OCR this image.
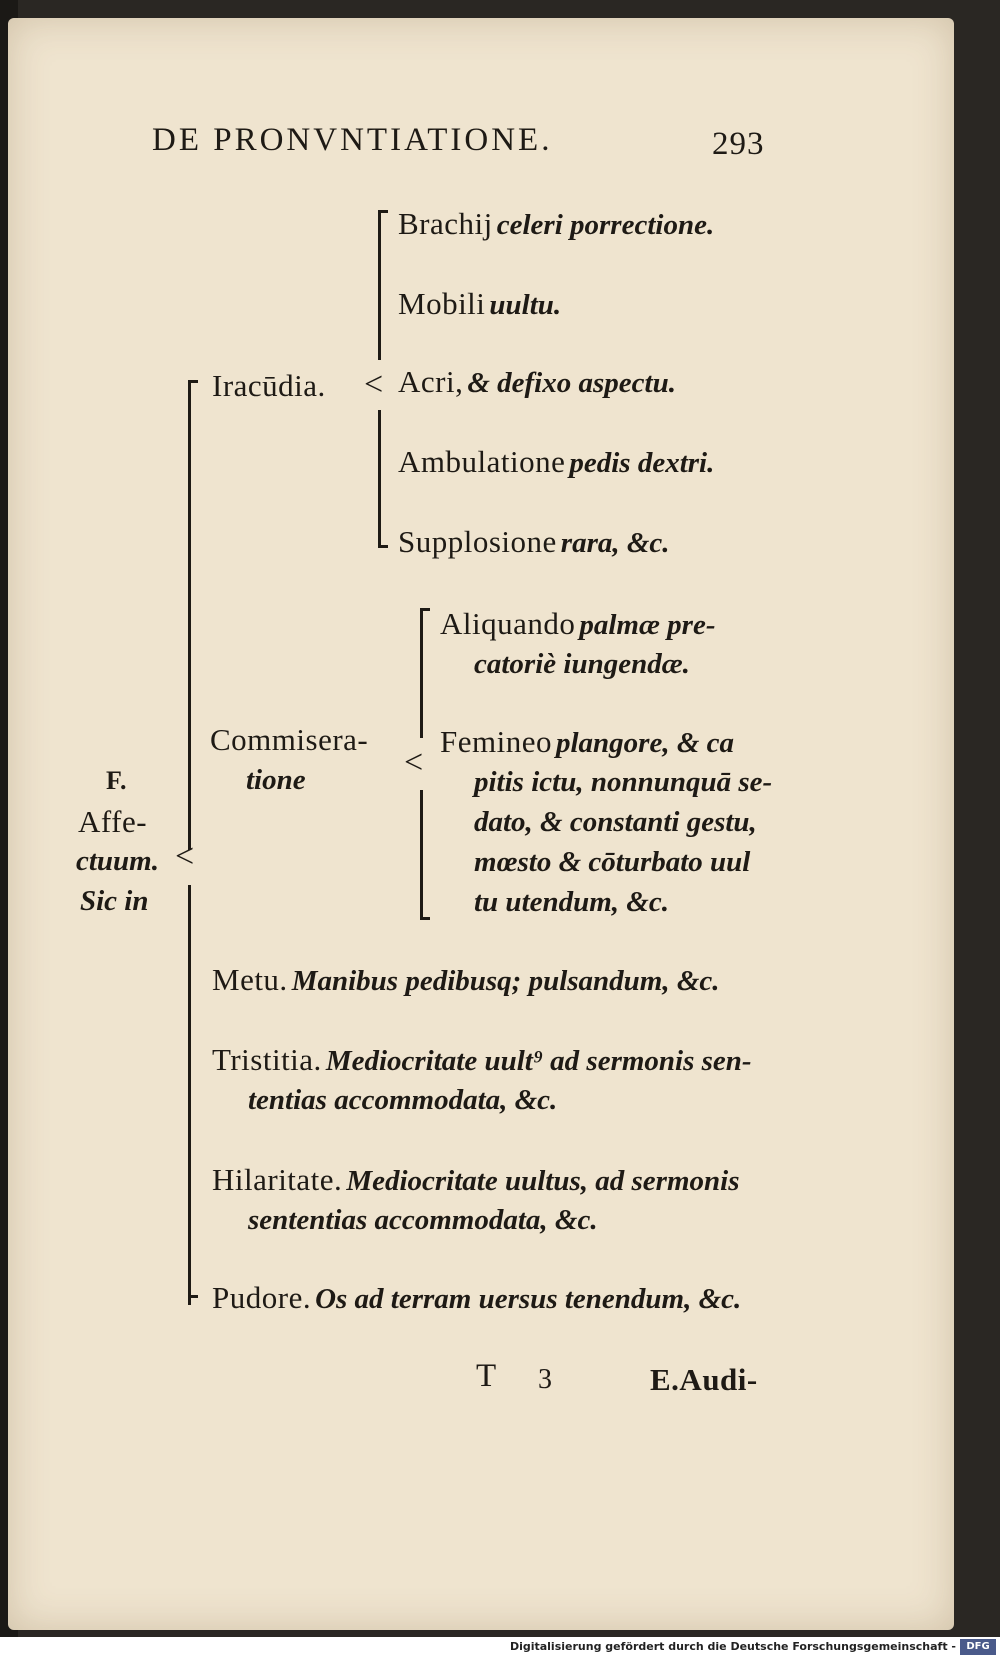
DE PRONVNTIATIONE.	293
F.
Affe-
ctuum.
Sic in
<
Iracūdia. <
Brachij celeri porrectione.
Mobili uultu.
Acri, & defixo aspectu.
Ambulatione pedis dextri.
Supplosione rara, &c.
Commisera-
tione	<
Aliquando palmæ pre-
catoriè iungendæ.
Femineo plangore, & ca
pitis ictu, nonnunquā se-
dato, & constanti gestu,
mœsto & cōturbato uul
tu utendum, &c.
Metu. Manibus pedibusq; pulsandum, &c.
Tristitia. Mediocritate uult⁹ ad sermonis sen-
tentias accommodata, &c.
Hilaritate. Mediocritate uultus, ad sermonis
sententias accommodata, &c.
Pudore. Os ad terram uersus tenendum, &c.
T 3	E.Audi-
Digitalisierung gefördert durch die Deutsche Forschungsgemeinschaft -	DFG
